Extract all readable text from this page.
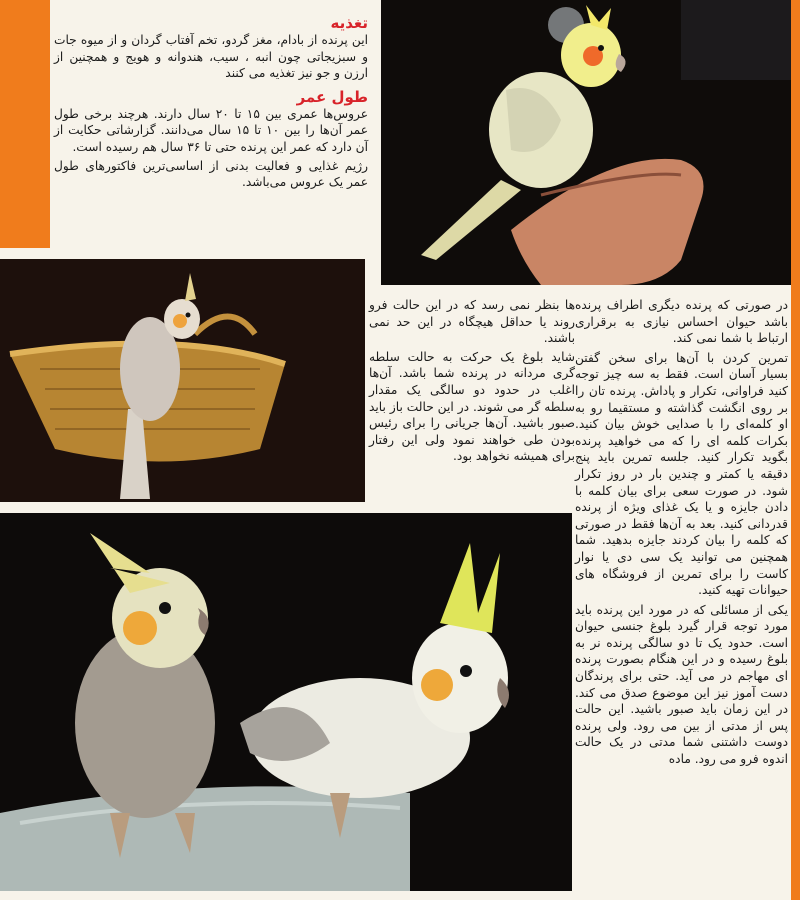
تغذیه

این پرنده از بادام، مغز گردو، تخم آفتاب گردان و از میوه جات و سبزیجاتی چون انبه ، سیب، هندوانه و هویج و همچنین از ارزن و جو نیز تغذیه می کنند

طول عمر

عروس‌ها عمری بین ۱۵ تا ۲۰ سال دارند. هرچند برخی طول عمر آن‌ها را بین ۱۰ تا ۱۵ سال می‌دانند. گزارشاتی حکایت از آن دارد که عمر این پرنده حتی تا ۳۶ سال هم رسیده است.

رژیم غذایی و فعالیت بدنی از اساسی‌ترین فاکتورهای طول عمر یک عروس می‌باشد.

ها بنظر نمی رسد که در این حالت فرو روند یا حداقل هیچگاه در این حد نمی باشند.

شاید بلوغ یک حرکت به حالت سلطه گری مردانه در پرنده شما باشد. آن‌ها اغلب در حدود دو سالگی یک مقدار سلطه گر می شوند. در این حالت باز باید صبور باشید. آن‌ها جریانی را برای رئیس بودن طی خواهند نمود ولی این رفتار برای همیشه نخواهد بود.

در صورتی که پرنده دیگری اطراف پرنده باشد حیوان احساس نیازی به برقراری ارتباط با شما نمی کند.

تمرین کردن با آن‌ها برای سخن گفتن بسیار آسان است. فقط به سه چیز توجه کنید فراوانی، تکرار و پاداش. پرنده تان را بر روی انگشت گذاشته و مستقیما رو به او کلمه‌ای را با صدایی خوش بیان کنید. بکرات کلمه ای را که می خواهید پرنده بگوید تکرار کنید. جلسه تمرین باید پنج دقیقه یا کمتر و چندین بار در روز تکرار شود. در صورت سعی برای بیان کلمه با دادن جایزه و یا یک غذای ویژه از پرنده قدردانی کنید. بعد به آن‌ها فقط در صورتی که کلمه را بیان کردند جایزه بدهید. شما همچنین می توانید یک سی دی یا نوار کاست را برای تمرین از فروشگاه های حیوانات تهیه کنید.

یکی از مسائلی که در مورد این پرنده باید مورد توجه قرار گیرد بلوغ جنسی حیوان است. حدود یک تا دو سالگی پرنده نر به بلوغ رسیده و در این هنگام بصورت پرنده ای مهاجم در می آید. حتی برای پرندگان دست آموز نیز این موضوع صدق می کند. در این زمان باید صبور باشید. این حالت پس از مدتی از بین می رود. ولی پرنده دوست داشتنی شما مدتی در یک حالت اندوه فرو می رود. ماده
